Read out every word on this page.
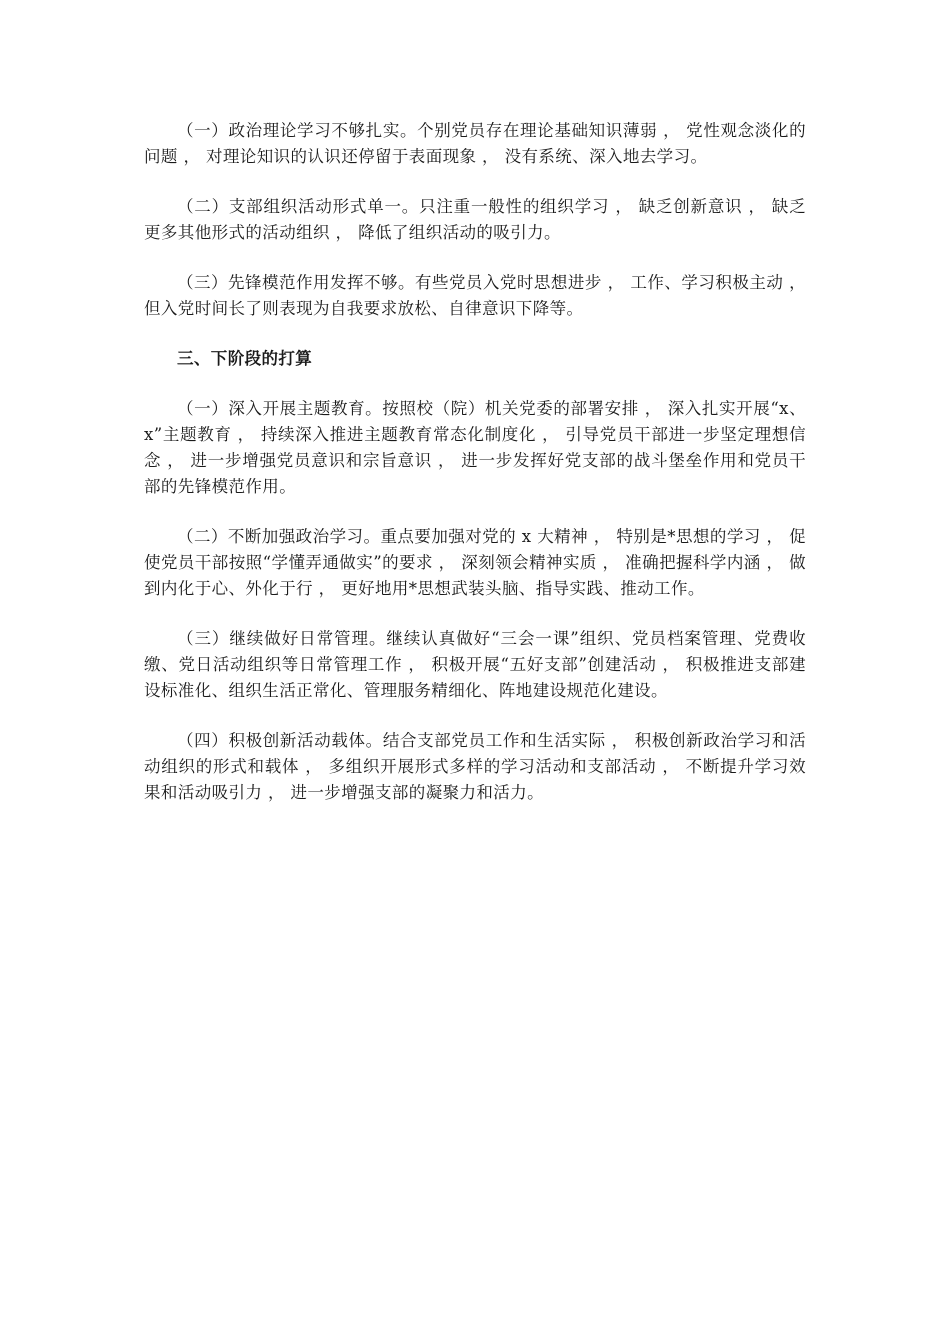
（一）政治理论学习不够扎实。个别党员存在理论基础知识薄弱 ， 党性观念淡化的问题 ， 对理论知识的认识还停留于表面现象 ， 没有系统、深入地去学习。

（二）支部组织活动形式单一。只注重一般性的组织学习 ， 缺乏创新意识 ， 缺乏更多其他形式的活动组织 ， 降低了组织活动的吸引力。

（三）先锋模范作用发挥不够。有些党员入党时思想进步 ， 工作、学习积极主动 ， 但入党时间长了则表现为自我要求放松、自律意识下降等。

三、下阶段的打算

（一）深入开展主题教育。按照校（院）机关党委的部署安排 ， 深入扎实开展“x、x”主题教育 ， 持续深入推进主题教育常态化制度化 ， 引导党员干部进一步坚定理想信念 ， 进一步增强党员意识和宗旨意识 ， 进一步发挥好党支部的战斗堡垒作用和党员干部的先锋模范作用。

（二）不断加强政治学习。重点要加强对党的 x 大精神 ， 特别是*思想的学习 ， 促使党员干部按照“学懂弄通做实”的要求 ， 深刻领会精神实质 ， 准确把握科学内涵 ， 做到内化于心、外化于行 ， 更好地用*思想武装头脑、指导实践、推动工作。

（三）继续做好日常管理。继续认真做好“三会一课”组织、党员档案管理、党费收缴、党日活动组织等日常管理工作 ， 积极开展“五好支部”创建活动 ， 积极推进支部建设标准化、组织生活正常化、管理服务精细化、阵地建设规范化建设。

（四）积极创新活动载体。结合支部党员工作和生活实际 ， 积极创新政治学习和活动组织的形式和载体 ， 多组织开展形式多样的学习活动和支部活动 ， 不断提升学习效果和活动吸引力 ， 进一步增强支部的凝聚力和活力。
